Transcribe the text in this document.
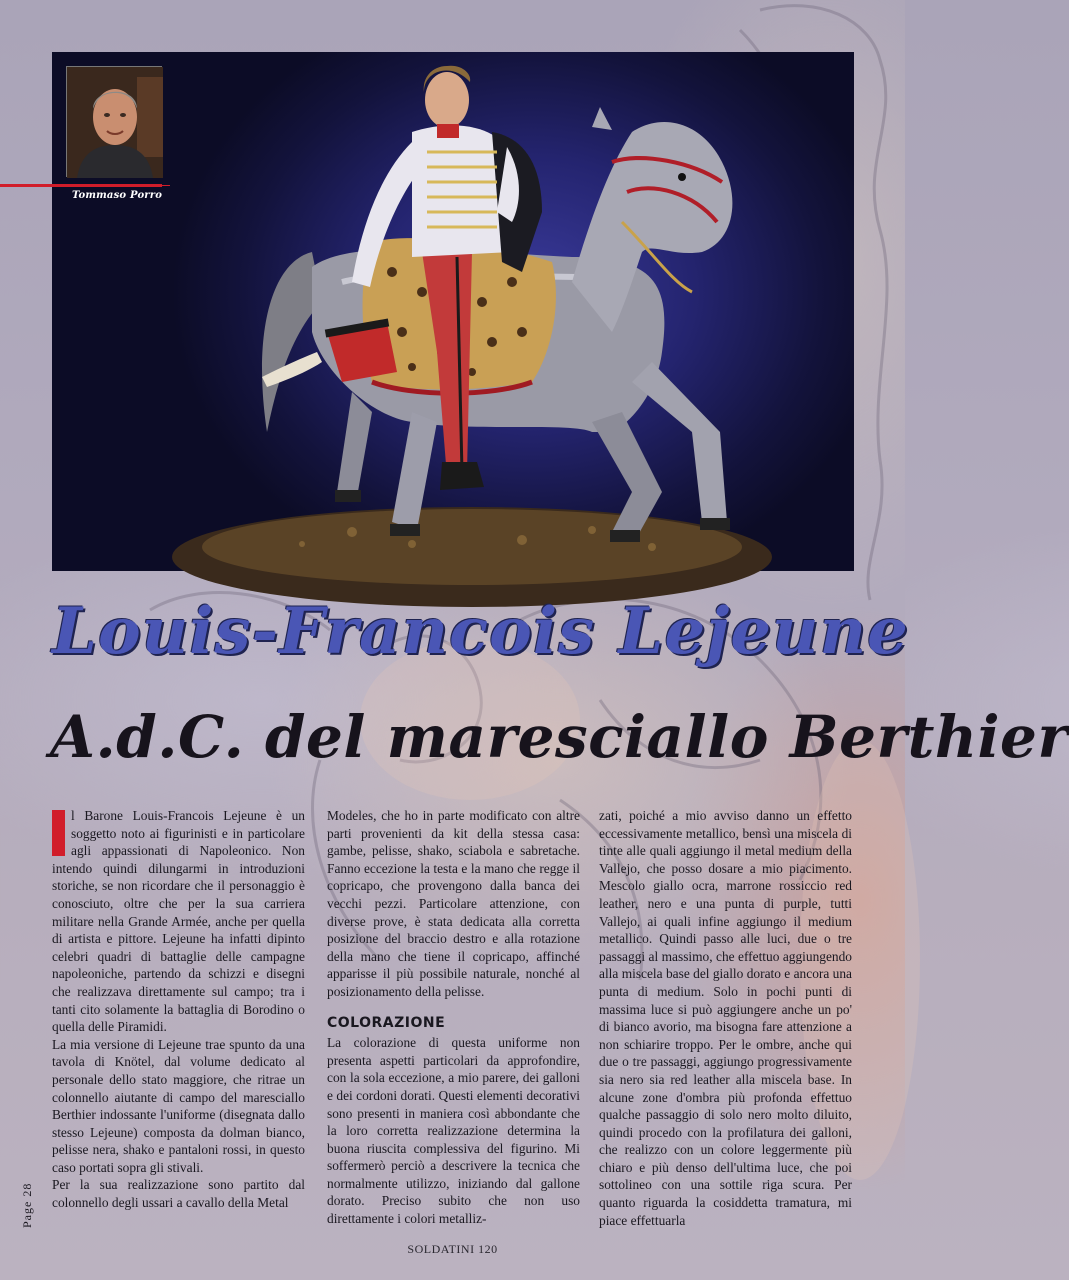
Tommaso Porro
Louis-Francois Lejeune
A.d.C. del maresciallo Berthier

l Barone Louis-Francois Lejeune è un soggetto noto ai figurinisti e in particolare agli appassionati di Napoleonico. Non intendo quindi dilungarmi in introduzioni storiche, se non ricordare che il personaggio è conosciuto, oltre che per la sua carriera militare nella Grande Armée, anche per quella di artista e pittore. Lejeune ha infatti dipinto celebri quadri di battaglie delle campagne napoleoniche, partendo da schizzi e disegni che realizzava direttamente sul campo; tra i tanti cito solamente la battaglia di Borodino o quella delle Piramidi.

La mia versione di Lejeune trae spunto da una tavola di Knötel, dal volume dedicato al personale dello stato maggiore, che ritrae un colonnello aiutante di campo del maresciallo Berthier indossante l'uniforme (disegnata dallo stesso Lejeune) composta da dolman bianco, pelisse nera, shako e pantaloni rossi, in questo caso portati sopra gli stivali.

Per la sua realizzazione sono partito dal colonnello degli ussari a cavallo della Metal

Modeles, che ho in parte modificato con altre parti provenienti da kit della stessa casa: gambe, pelisse, shako, sciabola e sabretache. Fanno eccezione la testa e la mano che regge il copricapo, che provengono dalla banca dei vecchi pezzi. Particolare attenzione, con diverse prove, è stata dedicata alla corretta posizione del braccio destro e alla rotazione della mano che tiene il copricapo, affinché apparisse il più possibile naturale, nonché al posizionamento della pelisse.

COLORAZIONE

La colorazione di questa uniforme non presenta aspetti particolari da approfondire, con la sola eccezione, a mio parere, dei galloni e dei cordoni dorati. Questi elementi decorativi sono presenti in maniera così abbondante che la loro corretta realizzazione determina la buona riuscita complessiva del figurino. Mi soffermerò perciò a descrivere la tecnica che normalmente utilizzo, iniziando dal gallone dorato. Preciso subito che non uso direttamente i colori metalliz-

zati, poiché a mio avviso danno un effetto eccessivamente metallico, bensì una miscela di tinte alle quali aggiungo il metal medium della Vallejo, che posso dosare a mio piacimento. Mescolo giallo ocra, marrone rossiccio red leather, nero e una punta di purple, tutti Vallejo, ai quali infine aggiungo il medium metallico. Quindi passo alle luci, due o tre passaggi al massimo, che effettuo aggiungendo alla miscela base del giallo dorato e ancora una punta di medium. Solo in pochi punti di massima luce si può aggiungere anche un po' di bianco avorio, ma bisogna fare attenzione a non schiarire troppo. Per le ombre, anche qui due o tre passaggi, aggiungo progressivamente sia nero sia red leather alla miscela base. In alcune zone d'ombra più profonda effettuo qualche passaggio di solo nero molto diluito, quindi procedo con la profilatura dei galloni, che realizzo con un colore leggermente più chiaro e più denso dell'ultima luce, che poi sottolineo con una sottile riga scura. Per quanto riguarda la cosiddetta tramatura, mi piace effettuarla

Page 28
SOLDATINI 120
